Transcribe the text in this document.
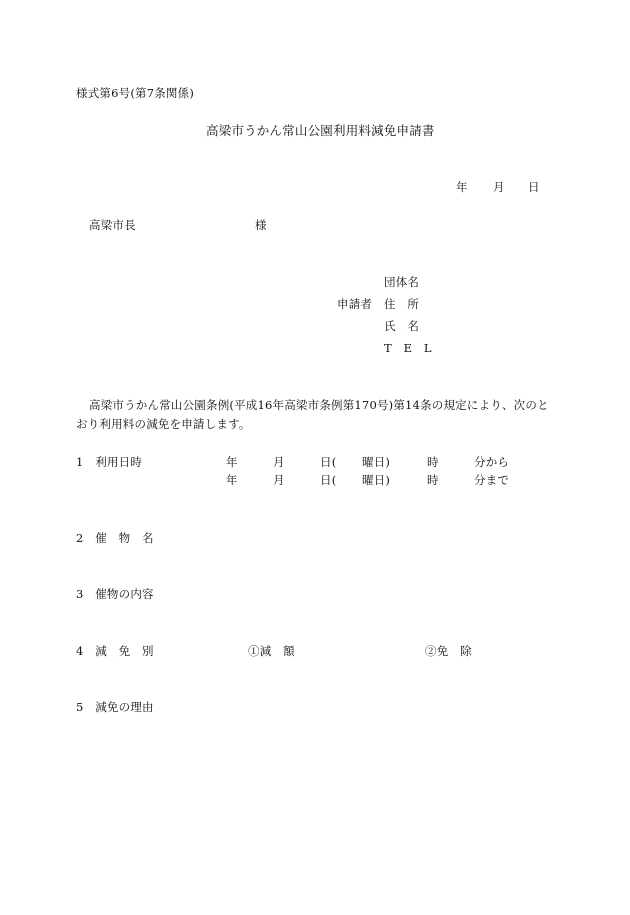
様式第6号(第7条関係)
高梁市うかん常山公園利用料減免申請書
年 月 日
高梁市長	様
団体名
申請者 住　所
氏　名
T　E　L
高梁市うかん常山公園条例(平成16年高梁市条例第170号)第14条の規定により、次のとおり利用料の減免を申請します。
1　利用日時	年	月	日( 曜日)	時	分から
年	月	日( 曜日)	時	分まで
2　催　物　名
3　催物の内容
4　減　免　別	①減　額	②免　除
5　減免の理由
